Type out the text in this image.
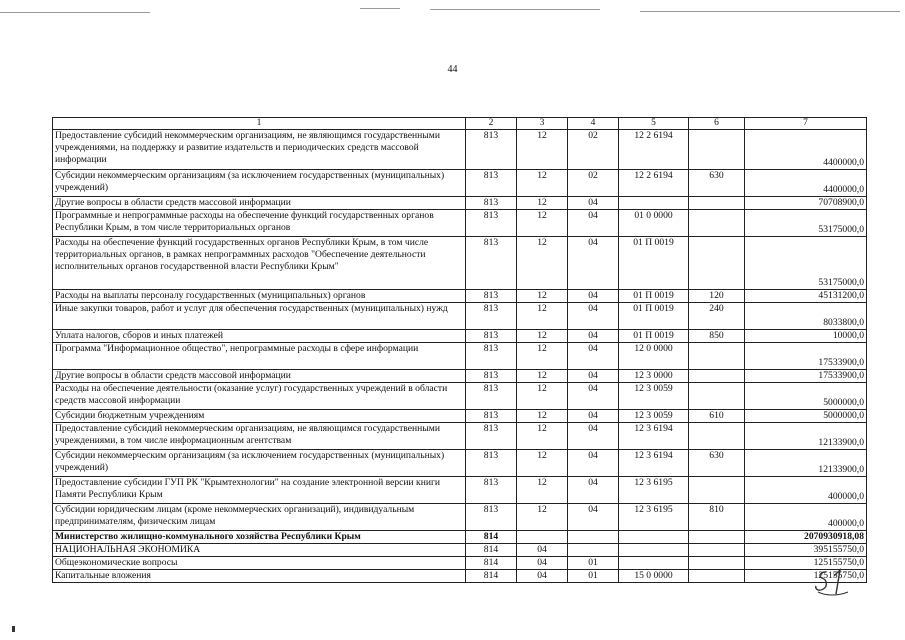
44
1	2	3	4	5	6	7
Предоставление субсидий некоммерческим организациям, не являющимся государственными учреждениями, на поддержку и развитие издательств и периодических средств массовой информации	813	12	02	12 2 6194		4400000,0
Субсидии некоммерческим организациям (за исключением государственных (муниципальных) учреждений)	813	12	02	12 2 6194	630	4400000,0
Другие вопросы в области средств массовой информации	813	12	04			70708900,0
Программные и непрограммные расходы на обеспечение функций государственных органов Республики Крым, в том числе территориальных органов	813	12	04	01 0 0000		53175000,0
Расходы на обеспечение функций государственных органов Республики Крым, в том числе территориальных органов, в рамках непрограммных расходов "Обеспечение деятельности исполнительных органов государственной власти Республики Крым"	813	12	04	01 П 0019		53175000,0
Расходы на выплаты персоналу государственных (муниципальных) органов	813	12	04	01 П 0019	120	45131200,0
Иные закупки товаров, работ и услуг для обеспечения государственных (муниципальных) нужд	813	12	04	01 П 0019	240	8033800,0
Уплата налогов, сборов и иных платежей	813	12	04	01 П 0019	850	10000,0
Программа "Информационное общество", непрограммные расходы в сфере информации	813	12	04	12 0 0000		17533900,0
Другие вопросы в области средств массовой информации	813	12	04	12 3 0000		17533900,0
Расходы на обеспечение деятельности (оказание услуг) государственных учреждений в области средств массовой информации	813	12	04	12 3 0059		5000000,0
Субсидии бюджетным учреждениям	813	12	04	12 3 0059	610	5000000,0
Предоставление субсидий некоммерческим организациям, не являющимся государственными учреждениями, в том числе информационным агентствам	813	12	04	12 3 6194		12133900,0
Субсидии некоммерческим организациям (за исключением государственных (муниципальных) учреждений)	813	12	04	12 3 6194	630	12133900,0
Предоставление субсидии ГУП РК "Крымтехнологии" на создание электронной версии книги Памяти Республики Крым	813	12	04	12 3 6195		400000,0
Субсидии юридическим лицам (кроме некоммерческих организаций), индивидуальным предпринимателям, физическим лицам	813	12	04	12 3 6195	810	400000,0
Министерство жилищно-коммунального хозяйства Республики Крым	814					2070930918,08
НАЦИОНАЛЬНАЯ ЭКОНОМИКА	814	04				395155750,0
Общеэкономические вопросы	814	04	01			125155750,0
Капитальные вложения	814	04	01	15 0 0000		125155750,0
